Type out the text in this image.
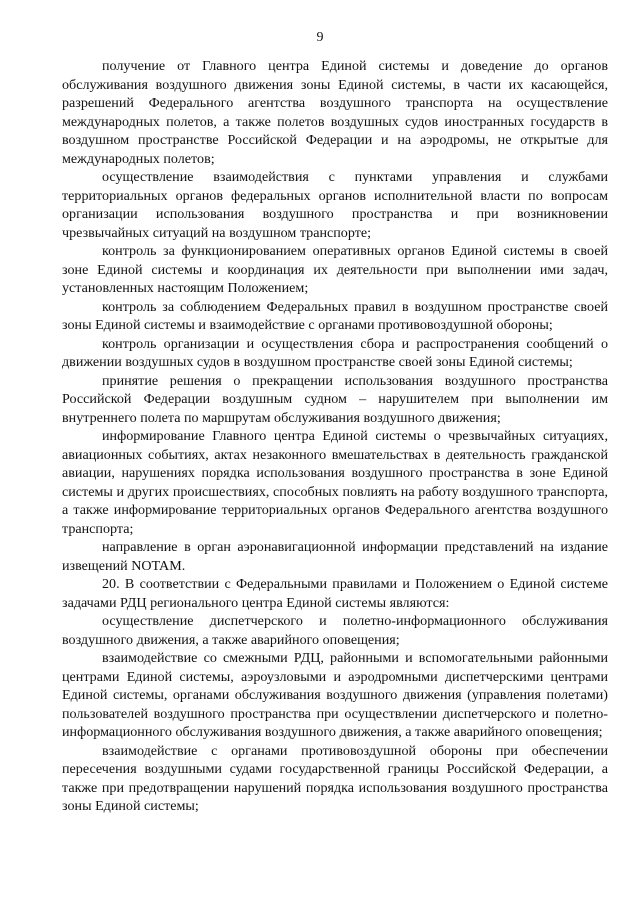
9

получение от Главного центра Единой системы и доведение до органов обслуживания воздушного движения зоны Единой системы, в части их касающейся, разрешений Федерального агентства воздушного транспорта на осуществление международных полетов, а также полетов воздушных судов иностранных государств в воздушном пространстве Российской Федерации и на аэродромы, не открытые для международных полетов;

осуществление взаимодействия с пунктами управления и службами территориальных органов федеральных органов исполнительной власти по вопросам организации использования воздушного пространства и при возникновении чрезвычайных ситуаций на воздушном транспорте;

контроль за функционированием оперативных органов Единой системы в своей зоне Единой системы и координация их деятельности при выполнении ими задач, установленных настоящим Положением;

контроль за соблюдением Федеральных правил в воздушном пространстве своей зоны Единой системы и взаимодействие с органами противовоздушной обороны;

контроль организации и осуществления сбора и распространения сообщений о движении воздушных судов в воздушном пространстве своей зоны Единой системы;

принятие решения о прекращении использования воздушного пространства Российской Федерации воздушным судном – нарушителем при выполнении им внутреннего полета по маршрутам обслуживания воздушного движения;

информирование Главного центра Единой системы о чрезвычайных ситуациях, авиационных событиях, актах незаконного вмешательствах в деятельность гражданской авиации, нарушениях порядка использования воздушного пространства в зоне Единой системы и других происшествиях, способных повлиять на работу воздушного транспорта, а также информирование территориальных органов Федерального агентства воздушного транспорта;

направление в орган аэронавигационной информации представлений на издание извещений NOTAM.

20. В соответствии с Федеральными правилами и Положением о Единой системе задачами РДЦ регионального центра Единой системы являются:

осуществление диспетчерского и полетно-информационного обслуживания воздушного движения, а также аварийного оповещения;

взаимодействие со смежными РДЦ, районными и вспомогательными районными центрами Единой системы, аэроузловыми и аэродромными диспетчерскими центрами Единой системы, органами обслуживания воздушного движения (управления полетами) пользователей воздушного пространства при осуществлении диспетчерского и полетно-информационного обслуживания воздушного движения, а также аварийного оповещения;

взаимодействие с органами противовоздушной обороны при обеспечении пересечения воздушными судами государственной границы Российской Федерации, а также при предотвращении нарушений порядка использования воздушного пространства зоны Единой системы;
